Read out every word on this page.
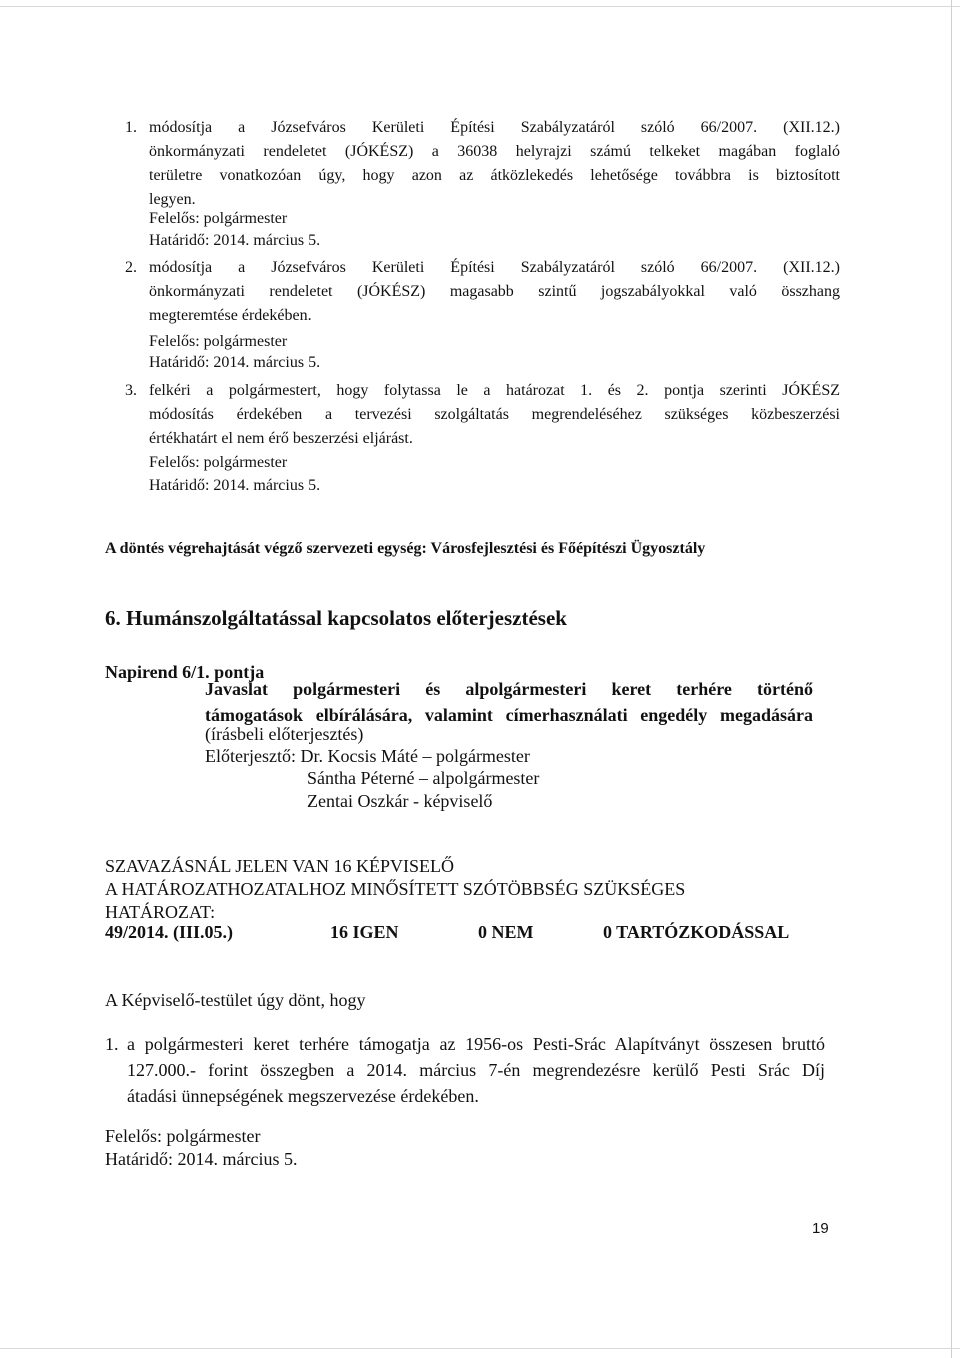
1. módosítja a Józsefváros Kerületi Építési Szabályzatáról szóló 66/2007. (XII.12.)
önkormányzati rendeletet (JÓKÉSZ) a 36038 helyrajzi számú telkeket magában foglaló
területre vonatkozóan úgy, hogy azon az átközlekedés lehetősége továbbra is biztosított
legyen.
Felelős: polgármester
Határidő: 2014. március 5.
2. módosítja a Józsefváros Kerületi Építési Szabályzatáról szóló 66/2007. (XII.12.)
önkormányzati rendeletet (JÓKÉSZ) magasabb szintű jogszabályokkal való összhang
megteremtése érdekében.
Felelős: polgármester
Határidő: 2014. március 5.
3. felkéri a polgármestert, hogy folytassa le a határozat 1. és 2. pontja szerinti JÓKÉSZ
módosítás érdekében a tervezési szolgáltatás megrendeléséhez szükséges közbeszerzési
értékhatárt el nem érő beszerzési eljárást.
Felelős: polgármester
Határidő: 2014. március 5.
A döntés végrehajtását végző szervezeti egység: Városfejlesztési és Főépítészi Ügyosztály
6. Humánszolgáltatással kapcsolatos előterjesztések
Napirend 6/1. pontja
Javaslat polgármesteri és alpolgármesteri keret terhére történő
támogatások elbírálására, valamint címerhasználati engedély megadására
(írásbeli előterjesztés)
Előterjesztő: Dr. Kocsis Máté – polgármester
Sántha Péterné – alpolgármester
Zentai Oszkár - képviselő
SZAVAZÁSNÁL JELEN VAN 16 KÉPVISELŐ
A HATÁROZATHOZATALHOZ MINŐSÍTETT SZÓTÖBBSÉG SZÜKSÉGES
HATÁROZAT:
49/2014. (III.05.)	16 IGEN	0 NEM	0 TARTÓZKODÁSSAL
A Képviselő-testület úgy dönt, hogy
1. a polgármesteri keret terhére támogatja az 1956-os Pesti-Srác Alapítványt összesen bruttó
127.000.- forint összegben a 2014. március 7-én megrendezésre kerülő Pesti Srác Díj
átadási ünnepségének megszervezése érdekében.
Felelős: polgármester
Határidő: 2014. március 5.
19
